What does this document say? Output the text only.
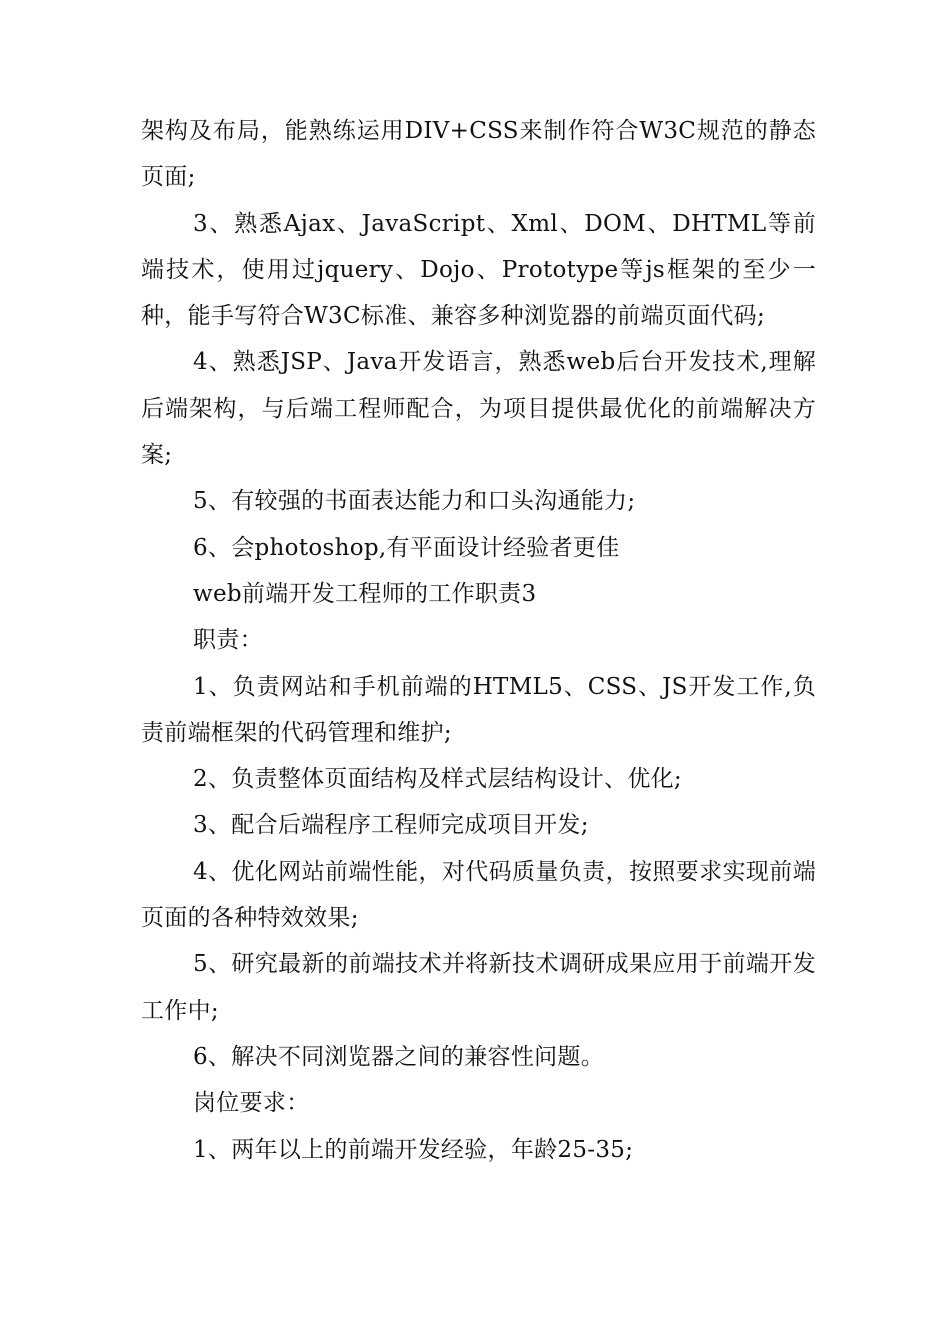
架构及布局，能熟练运用DIV+CSS来制作符合W3C规范的静态页面;

3、熟悉Ajax、JavaScript、Xml、DOM、DHTML等前端技术，使用过jquery、Dojo、Prototype等js框架的至少一种，能手写符合W3C标准、兼容多种浏览器的前端页面代码;

4、熟悉JSP、Java开发语言，熟悉web后台开发技术,理解后端架构，与后端工程师配合，为项目提供最优化的前端解决方案;

5、有较强的书面表达能力和口头沟通能力;

6、会photoshop,有平面设计经验者更佳

web前端开发工程师的工作职责3

职责：

1、负责网站和手机前端的HTML5、CSS、JS开发工作,负责前端框架的代码管理和维护;

2、负责整体页面结构及样式层结构设计、优化;

3、配合后端程序工程师完成项目开发;

4、优化网站前端性能，对代码质量负责，按照要求实现前端页面的各种特效效果;

5、研究最新的前端技术并将新技术调研成果应用于前端开发工作中;

6、解决不同浏览器之间的兼容性问题。

岗位要求：

1、两年以上的前端开发经验，年龄25-35;
